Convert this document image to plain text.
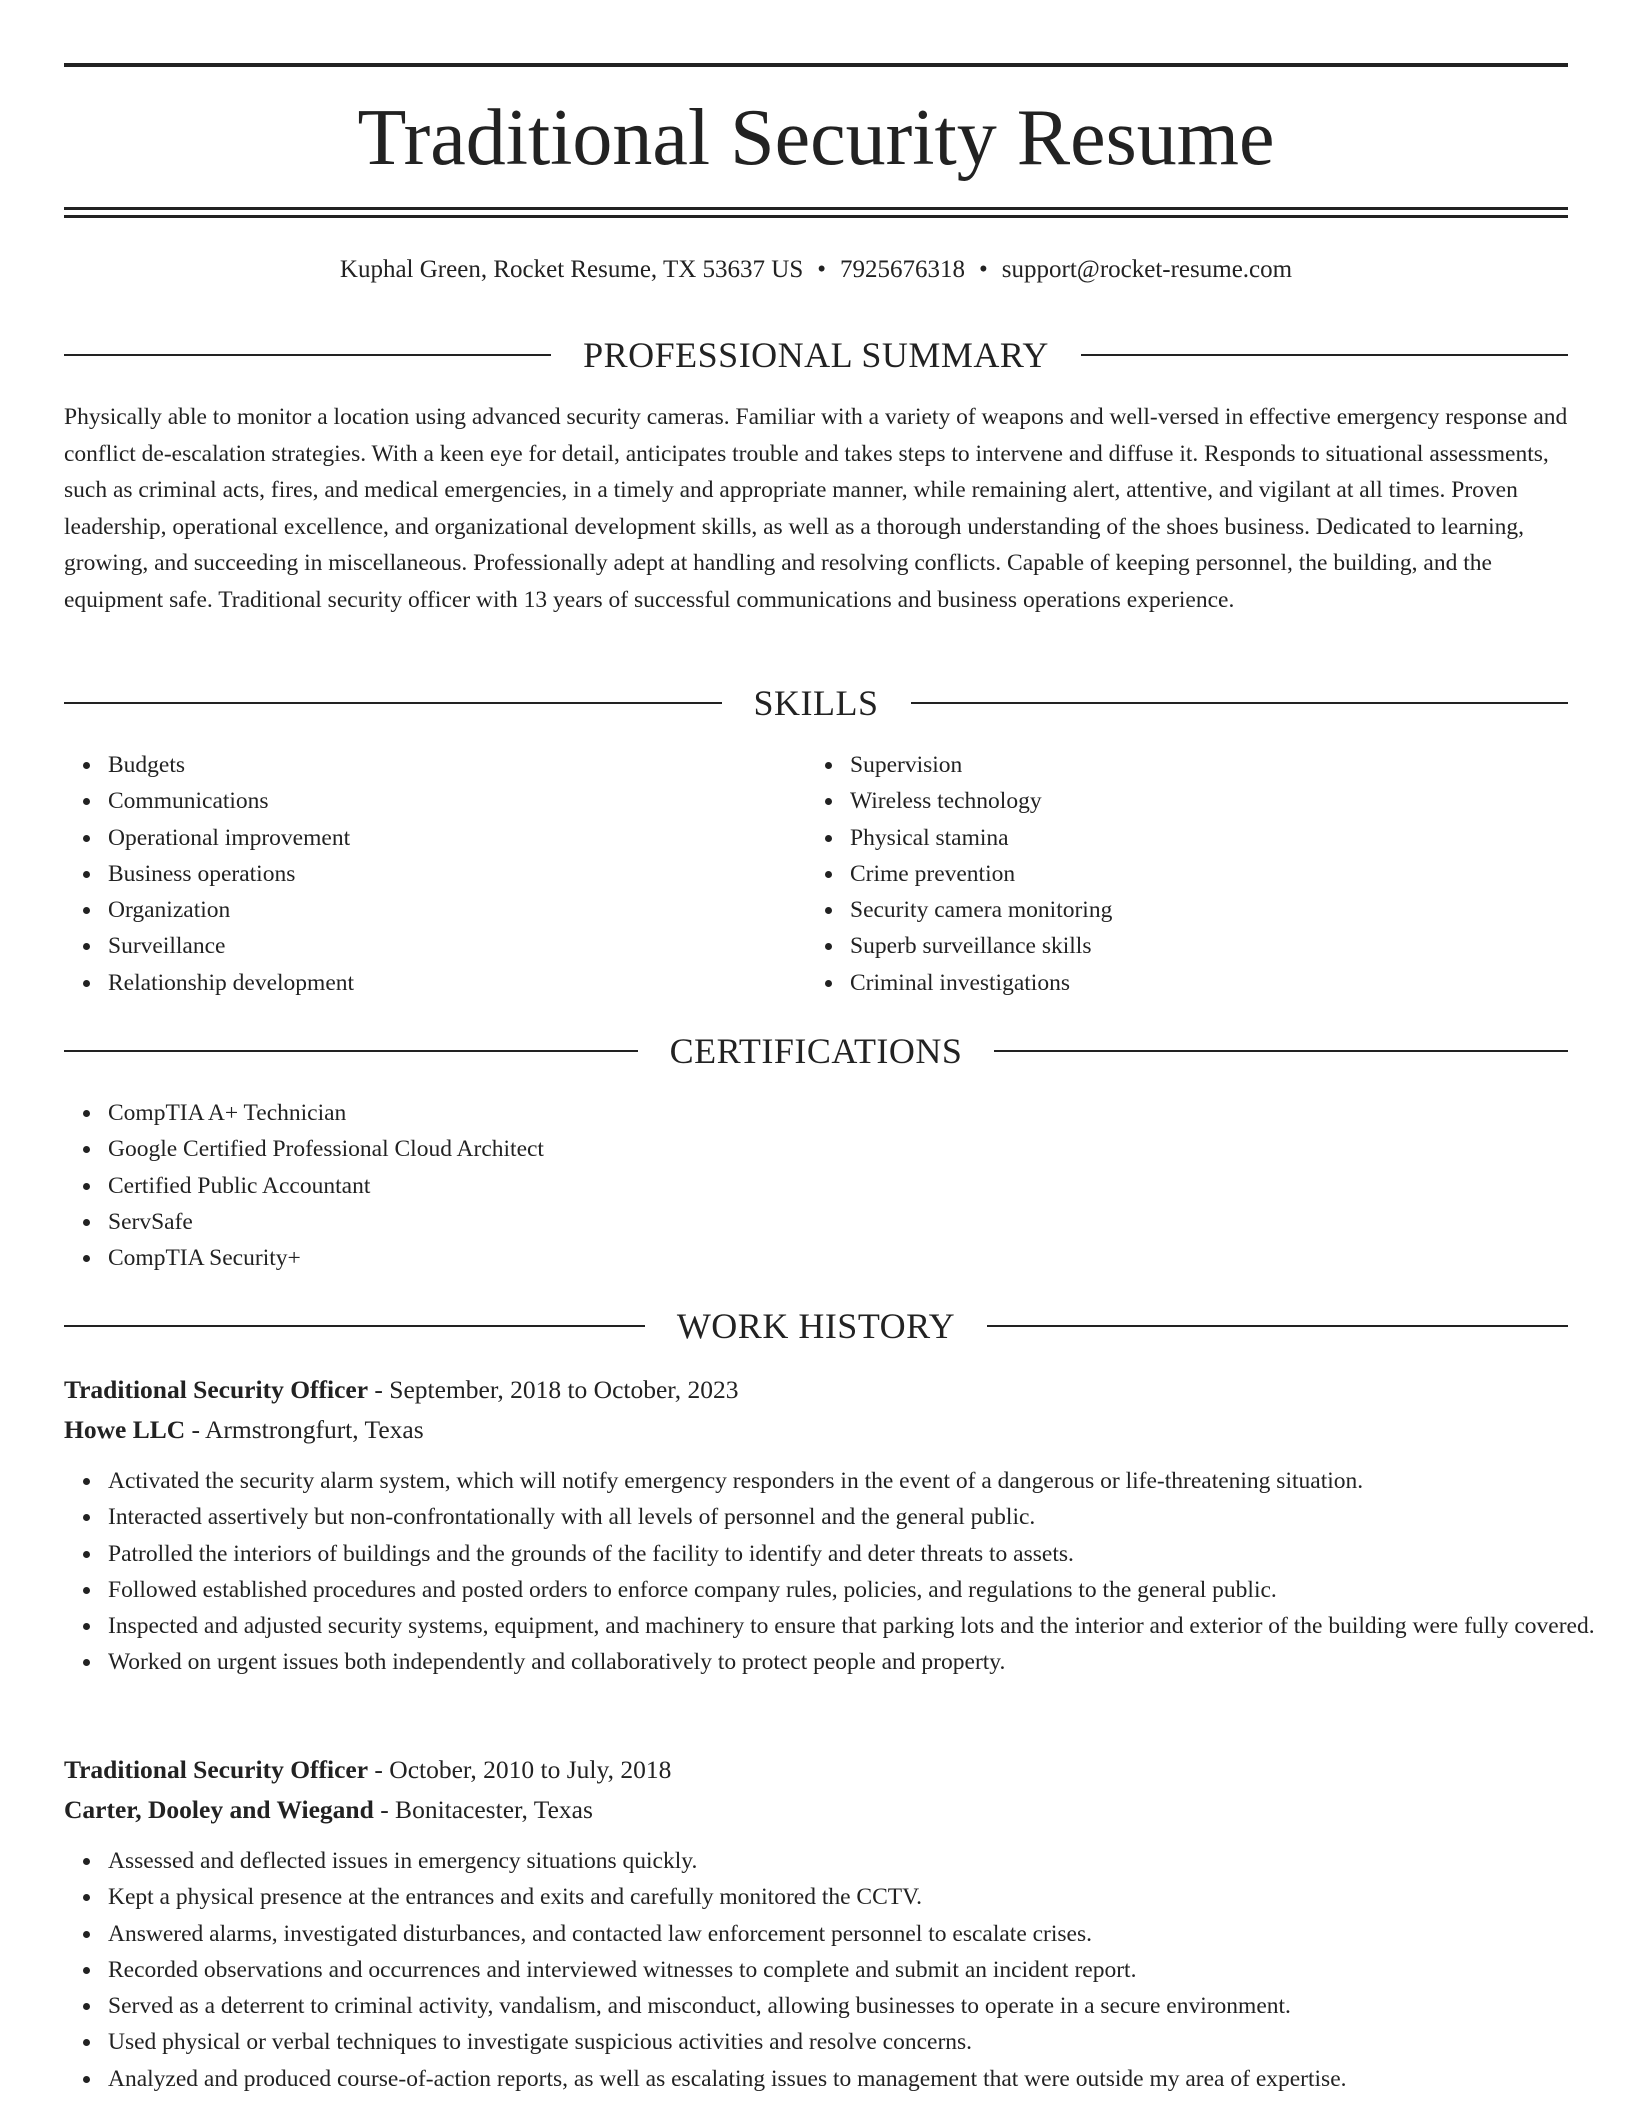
Traditional Security Resume
Kuphal Green, Rocket Resume, TX 53637 US • 7925676318 • support@rocket-resume.com
PROFESSIONAL SUMMARY

Physically able to monitor a location using advanced security cameras. Familiar with a variety of weapons and well-versed in effective emergency response and conflict de-escalation strategies. With a keen eye for detail, anticipates trouble and takes steps to intervene and diffuse it. Responds to situational assessments, such as criminal acts, fires, and medical emergencies, in a timely and appropriate manner, while remaining alert, attentive, and vigilant at all times. Proven leadership, operational excellence, and organizational development skills, as well as a thorough understanding of the shoes business. Dedicated to learning, growing, and succeeding in miscellaneous. Professionally adept at handling and resolving conflicts. Capable of keeping personnel, the building, and the equipment safe. Traditional security officer with 13 years of successful communications and business operations experience.

SKILLS
Budgets
Communications
Operational improvement
Business operations
Organization
Surveillance
Relationship development
Supervision
Wireless technology
Physical stamina
Crime prevention
Security camera monitoring
Superb surveillance skills
Criminal investigations
CERTIFICATIONS
CompTIA A+ Technician
Google Certified Professional Cloud Architect
Certified Public Accountant
ServSafe
CompTIA Security+
WORK HISTORY
Traditional Security Officer - September, 2018 to October, 2023
Howe LLC - Armstrongfurt, Texas
Activated the security alarm system, which will notify emergency responders in the event of a dangerous or life-threatening situation.
Interacted assertively but non-confrontationally with all levels of personnel and the general public.
Patrolled the interiors of buildings and the grounds of the facility to identify and deter threats to assets.
Followed established procedures and posted orders to enforce company rules, policies, and regulations to the general public.
Inspected and adjusted security systems, equipment, and machinery to ensure that parking lots and the interior and exterior of the building were fully covered.
Worked on urgent issues both independently and collaboratively to protect people and property.
Traditional Security Officer - October, 2010 to July, 2018
Carter, Dooley and Wiegand - Bonitacester, Texas
Assessed and deflected issues in emergency situations quickly.
Kept a physical presence at the entrances and exits and carefully monitored the CCTV.
Answered alarms, investigated disturbances, and contacted law enforcement personnel to escalate crises.
Recorded observations and occurrences and interviewed witnesses to complete and submit an incident report.
Served as a deterrent to criminal activity, vandalism, and misconduct, allowing businesses to operate in a secure environment.
Used physical or verbal techniques to investigate suspicious activities and resolve concerns.
Analyzed and produced course-of-action reports, as well as escalating issues to management that were outside my area of expertise.
